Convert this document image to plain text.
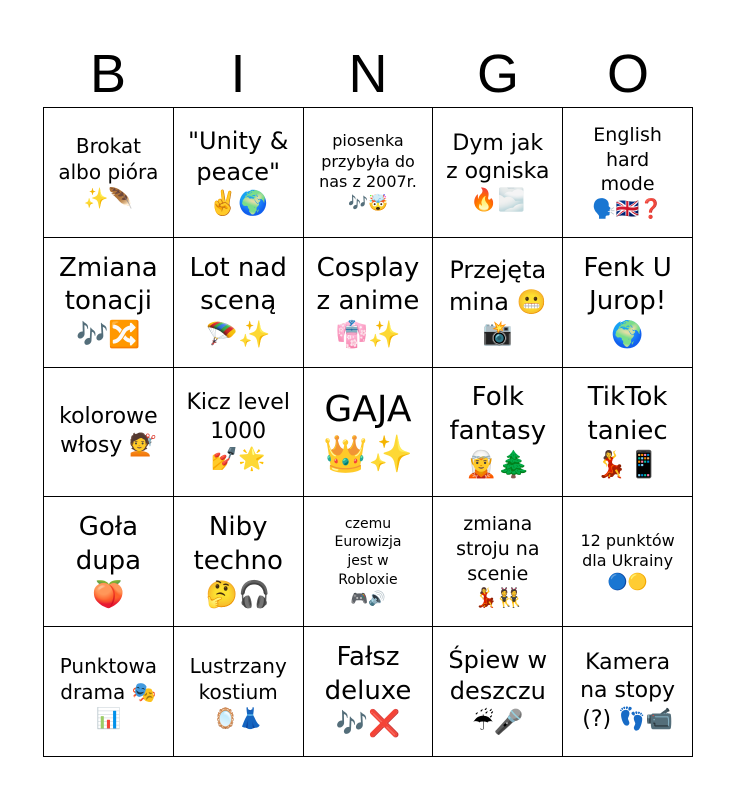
B	I	N	G	O
Brokat
albo pióra
✨🪶
"Unity &
peace"
✌️🌍
piosenka
przybyła do
nas z 2007r.
🎶🤯
Dym jak
z ogniska
🔥🌫️
English
hard
mode
🗣️🇬🇧❓
Zmiana
tonacji
🎶🔀
Lot nad
sceną
🪂✨
Cosplay
z anime
👘✨
Przejęta
mina 😬
📸
Fenk U
Jurop!
🌍
kolorowe
włosy 💇
Kicz level
1000
💅🌟
GAJA
👑✨
Folk
fantasy
🧝🌲
TikTok
taniec
💃📱
Goła
dupa
🍑
Niby
techno
🤔🎧
czemu
Eurowizja
jest w
Robloxie
🎮🔊
zmiana
stroju na
scenie
💃👯
12 punktów
dla Ukrainy
🔵🟡
Punktowa
drama 🎭
📊
Lustrzany
kostium
🪞👗
Fałsz
deluxe
🎶❌
Śpiew w
deszczu
☔🎤
Kamera
na stopy
(?) 👣📹
